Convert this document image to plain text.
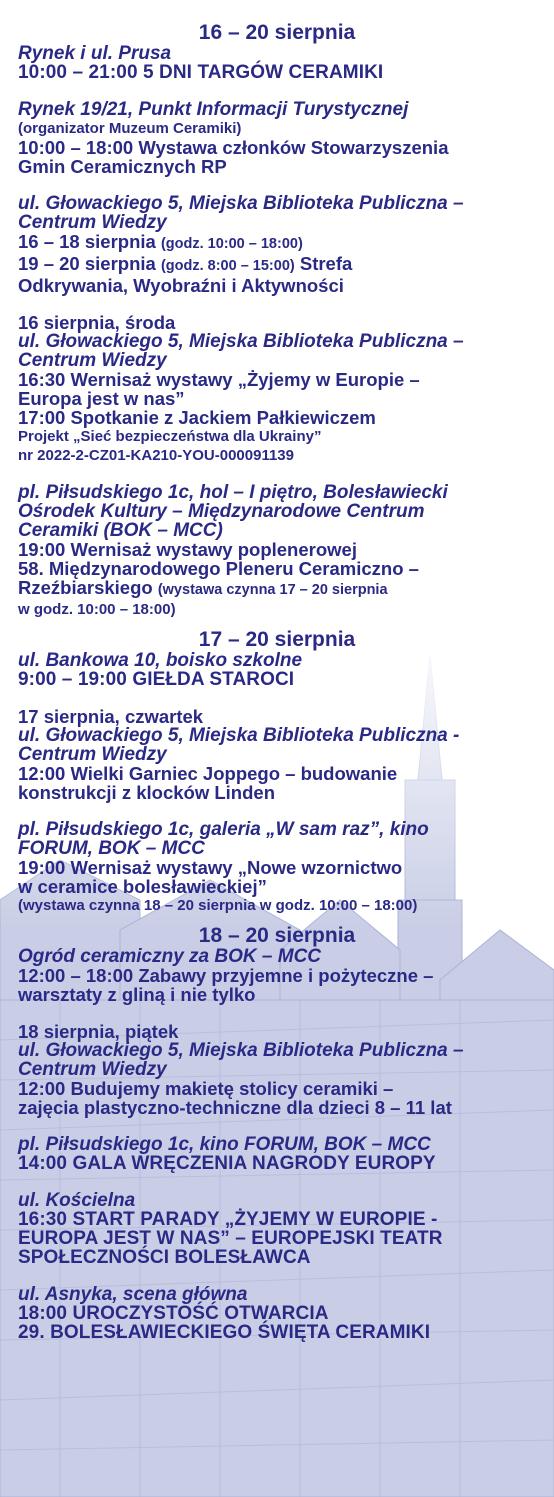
16 – 20 sierpnia
Rynek i ul. Prusa
10:00 – 21:00 5 DNI TARGÓW CERAMIKI
Rynek 19/21, Punkt Informacji Turystycznej
(organizator Muzeum Ceramiki)
10:00 – 18:00 Wystawa członków Stowarzyszenia
Gmin Ceramicznych RP
ul. Głowackiego 5, Miejska Biblioteka Publiczna –
Centrum Wiedzy
16 – 18 sierpnia (godz. 10:00 – 18:00)
19 – 20 sierpnia (godz. 8:00 – 15:00) Strefa
Odkrywania, Wyobraźni i Aktywności
16 sierpnia, środa
ul. Głowackiego 5, Miejska Biblioteka Publiczna –
Centrum Wiedzy
16:30 Wernisaż wystawy „Żyjemy w Europie –
Europa jest w nas”
17:00 Spotkanie z Jackiem Pałkiewiczem
Projekt „Sieć bezpieczeństwa dla Ukrainy”
nr 2022-2-CZ01-KA210-YOU-000091139
pl. Piłsudskiego 1c, hol – I piętro, Bolesławiecki
Ośrodek Kultury – Międzynarodowe Centrum
Ceramiki (BOK – MCC)
19:00 Wernisaż wystawy poplenerowej
58. Międzynarodowego Pleneru Ceramiczno –
Rzeźbiarskiego (wystawa czynna 17 – 20 sierpnia
w godz. 10:00 – 18:00)
17 – 20 sierpnia
ul. Bankowa 10, boisko szkolne
9:00 – 19:00 GIEŁDA STAROCI
17 sierpnia, czwartek
ul. Głowackiego 5, Miejska Biblioteka Publiczna -
Centrum Wiedzy
12:00 Wielki Garniec Joppego – budowanie
konstrukcji z klocków Linden
pl. Piłsudskiego 1c, galeria „W sam raz”, kino
FORUM, BOK – MCC
19:00 Wernisaż wystawy „Nowe wzornictwo
w ceramice bolesławieckiej”
(wystawa czynna 18 – 20 sierpnia w godz. 10:00 – 18:00)
18 – 20 sierpnia
Ogród ceramiczny za BOK – MCC
12:00 – 18:00 Zabawy przyjemne i pożyteczne –
warsztaty z gliną i nie tylko
18 sierpnia, piątek
ul. Głowackiego 5, Miejska Biblioteka Publiczna –
Centrum Wiedzy
12:00 Budujemy makietę stolicy ceramiki –
zajęcia plastyczno-techniczne dla dzieci 8 – 11 lat
pl. Piłsudskiego 1c, kino FORUM, BOK – MCC
14:00 GALA WRĘCZENIA NAGRODY EUROPY
ul. Kościelna
16:30 START PARADY „ŻYJEMY W EUROPIE -
EUROPA JEST W NAS” – EUROPEJSKI TEATR
SPOŁECZNOŚCI BOLESŁAWCA
ul. Asnyka, scena główna
18:00 UROCZYSTOŚĆ OTWARCIA
29. BOLESŁAWIECKIEGO ŚWIĘTA CERAMIKI
